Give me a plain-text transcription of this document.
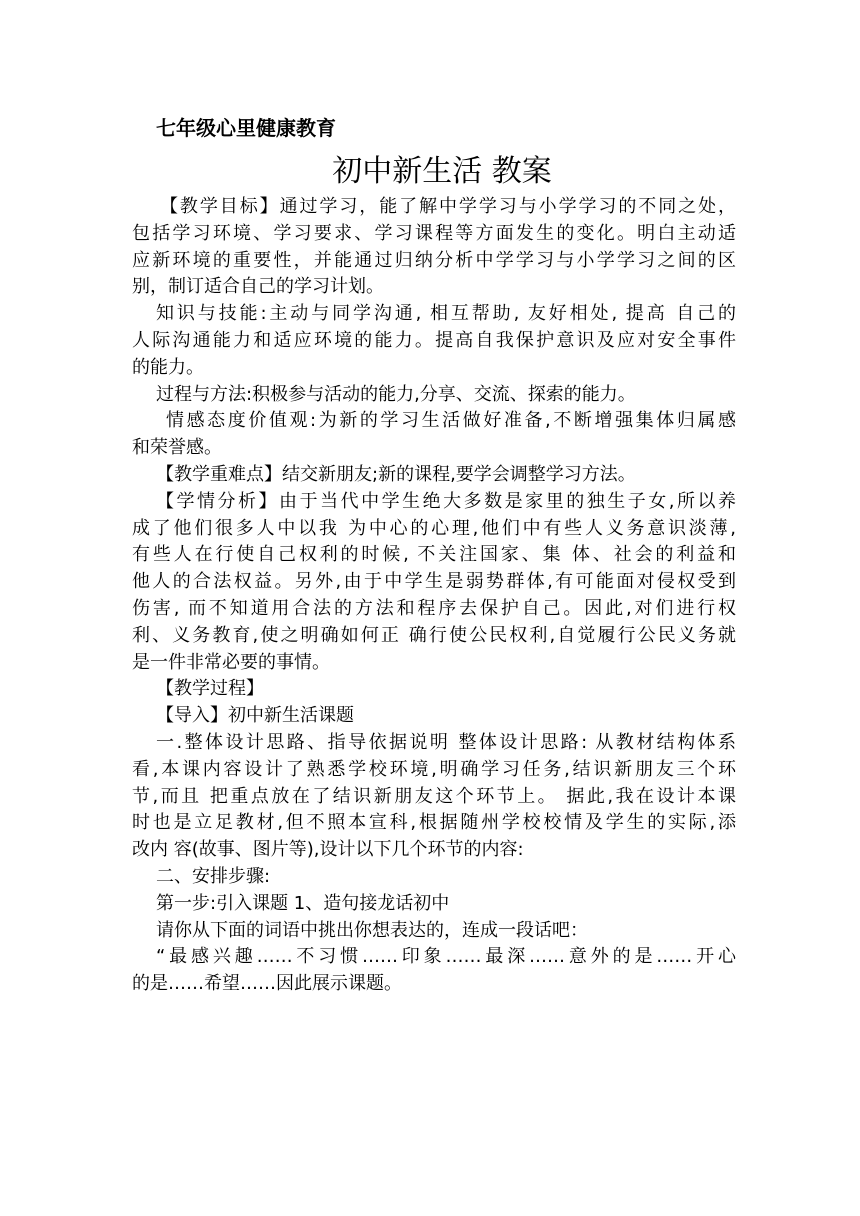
七年级心里健康教育
初中新生活 教案
【教学目标】通过学习，能了解中学学习与小学学习的不同之处，
包括学习环境、学习要求、学习课程等方面发生的变化。明白主动适
应新环境的重要性，并能通过归纳分析中学学习与小学学习之间的区
别，制订适合自己的学习计划。
知识与技能:主动与同学沟通, 相互帮助, 友好相处, 提高 自己的
人际沟通能力和适应环境的能力。提高自我保护意识及应对安全事件
的能力。
过程与方法:积极参与活动的能力,分享、交流、探索的能力。
情感态度价值观:为新的学习生活做好准备,不断增强集体归属感
和荣誉感。
【教学重难点】结交新朋友;新的课程,要学会调整学习方法。
【学情分析】由于当代中学生绝大多数是家里的独生子女,所以养
成了他们很多人中以我 为中心的心理,他们中有些人义务意识淡薄,
有些人在行使自己权利的时候, 不关注国家、集 体、社会的利益和
他人的合法权益。另外,由于中学生是弱势群体,有可能面对侵权受到
伤害, 而不知道用合法的方法和程序去保护自己。因此,对们进行权
利、义务教育,使之明确如何正 确行使公民权利,自觉履行公民义务就
是一件非常必要的事情。
【教学过程】
【导入】初中新生活课题
一.整体设计思路、指导依据说明 整体设计思路: 从教材结构体系
看,本课内容设计了熟悉学校环境,明确学习任务,结识新朋友三个环
节,而且 把重点放在了结识新朋友这个环节上。 据此,我在设计本课
时也是立足教材,但不照本宣科,根据随州学校校情及学生的实际,添
改内 容(故事、图片等),设计以下几个环节的内容:
二、安排步骤:
第一步:引入课题 1、造句接龙话初中
请你从下面的词语中挑出你想表达的，连成一段话吧：
“最感兴趣……不习惯……印象……最深……意外的是……开心
的是……希望……因此展示课题。
